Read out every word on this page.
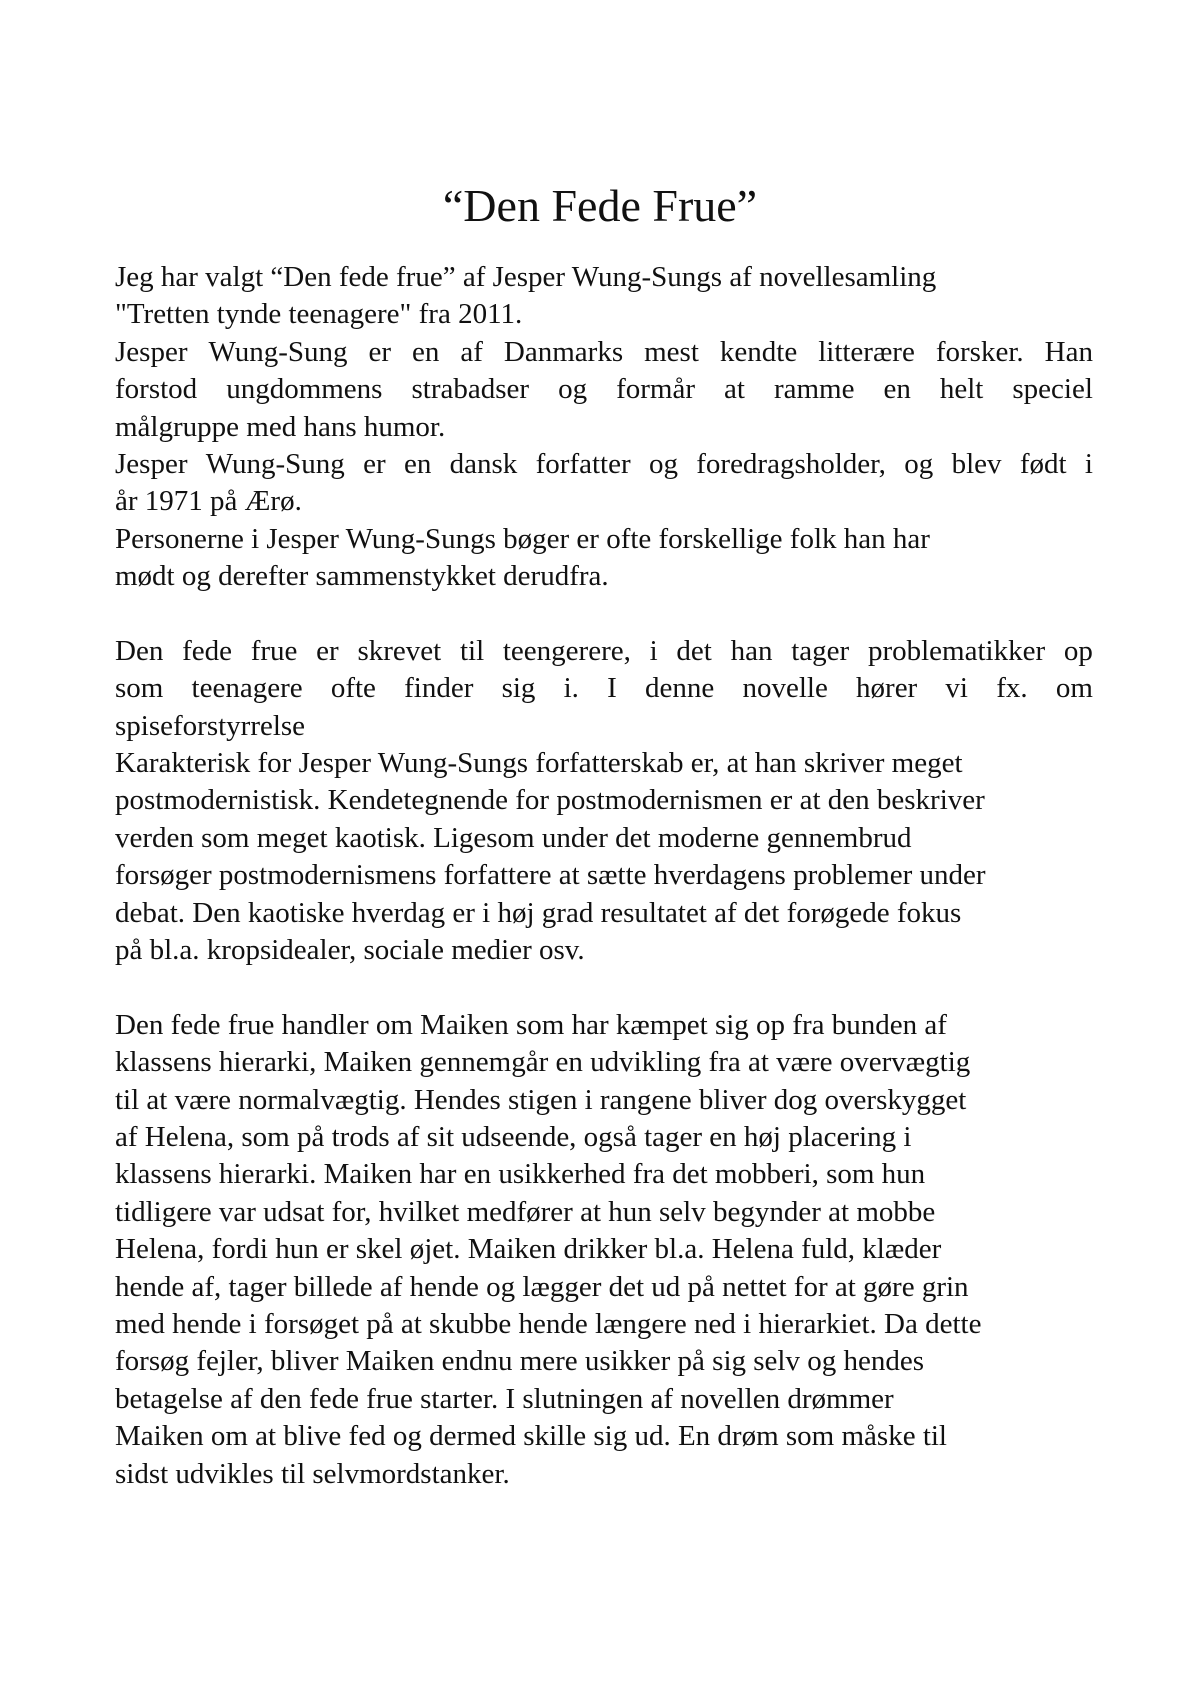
“Den Fede Frue”
Jeg har valgt “Den fede frue” af Jesper Wung-Sungs af novellesamling
"Tretten tynde teenagere" fra 2011.
Jesper Wung-Sung er en af Danmarks mest kendte litterære forsker. Han
forstod ungdommens strabadser og formår at ramme en helt speciel
målgruppe med hans humor.
Jesper Wung-Sung er en dansk forfatter og foredragsholder, og blev født i
år 1971 på Ærø.
Personerne i Jesper Wung-Sungs bøger er ofte forskellige folk han har
mødt og derefter sammenstykket derudfra.
Den fede frue er skrevet til teengerere, i det han tager problematikker op
som teenagere ofte finder sig i. I denne novelle hører vi fx. om
spiseforstyrrelse
Karakterisk for Jesper Wung-Sungs forfatterskab er, at han skriver meget
postmodernistisk. Kendetegnende for postmodernismen er at den beskriver
verden som meget kaotisk. Ligesom under det moderne gennembrud
forsøger postmodernismens forfattere at sætte hverdagens problemer under
debat. Den kaotiske hverdag er i høj grad resultatet af det forøgede fokus
på bl.a. kropsidealer, sociale medier osv.
Den fede frue handler om Maiken som har kæmpet sig op fra bunden af
klassens hierarki, Maiken gennemgår en udvikling fra at være overvægtig
til at være normalvægtig. Hendes stigen i rangene bliver dog overskygget
af Helena, som på trods af sit udseende, også tager en høj placering i
klassens hierarki. Maiken har en usikkerhed fra det mobberi, som hun
tidligere var udsat for, hvilket medfører at hun selv begynder at mobbe
Helena, fordi hun er skel øjet. Maiken drikker bl.a. Helena fuld, klæder
hende af, tager billede af hende og lægger det ud på nettet for at gøre grin
med hende i forsøget på at skubbe hende længere ned i hierarkiet. Da dette
forsøg fejler, bliver Maiken endnu mere usikker på sig selv og hendes
betagelse af den fede frue starter. I slutningen af novellen drømmer
Maiken om at blive fed og dermed skille sig ud. En drøm som måske til
sidst udvikles til selvmordstanker.
